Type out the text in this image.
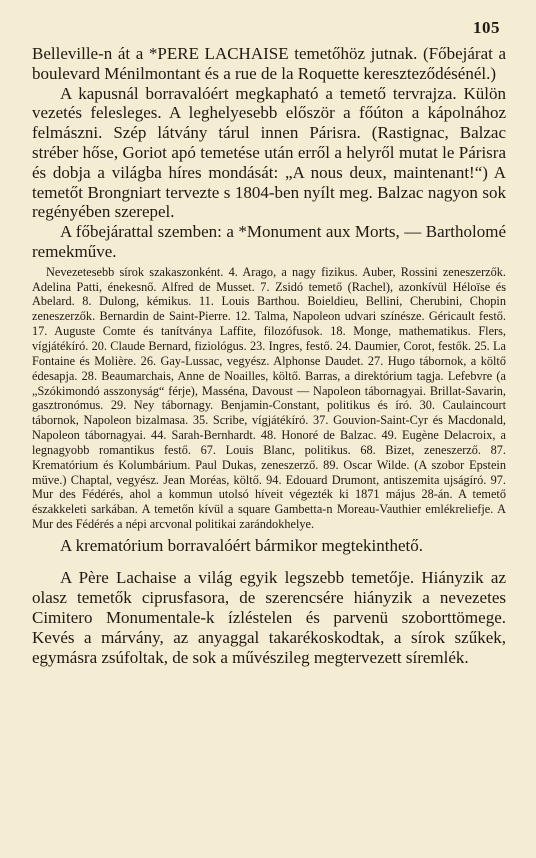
105

Belleville-n át a *PERE LACHAISE temetőhöz jutnak. (Főbejárat a boulevard Ménilmontant és a rue de la Roquette kereszteződésénél.)

A kapusnál borravalóért megkapható a temető tervrajza. Külön vezetés felesleges. A leghelyesebb először a főúton a kápolnához felmászni. Szép látvány tárul innen Párisra. (Rastignac, Balzac stréber hőse, Goriot apó temetése után erről a helyről mutat le Párisra és dobja a világba híres mondását: „A nous deux, maintenant!“) A temetőt Brongniart tervezte s 1804-ben nyílt meg. Balzac nagyon sok regényében szerepel.

A főbejárattal szemben: a *Monument aux Morts, — Bartholomé remekműve.

Nevezetesebb sírok szakaszonként. 4. Arago, a nagy fizikus. Auber, Rossini zeneszerzők. Adelina Patti, énekesnő. Alfred de Musset. 7. Zsidó temető (Rachel), azonkívül Héloïse és Abelard. 8. Dulong, kémikus. 11. Louis Barthou. Boieldieu, Bellini, Cherubini, Chopin zeneszerzők. Bernardin de Saint-Pierre. 12. Talma, Napoleon udvari színésze. Géricault festő. 17. Auguste Comte és tanítványa Laffite, filozófusok. 18. Monge, mathematikus. Flers, vígjátékíró. 20. Claude Bernard, fiziológus. 23. Ingres, festő. 24. Daumier, Corot, festők. 25. La Fontaine és Molière. 26. Gay-Lussac, vegyész. Alphonse Daudet. 27. Hugo tábornok, a költő édesapja. 28. Beaumarchais, Anne de Noailles, költő. Barras, a direktórium tagja. Lefebvre (a „Szókimondó asszonyság“ férje), Masséna, Davoust — Napoleon tábornagyai. Brillat-Savarin, gasztronómus. 29. Ney tábornagy. Benjamin-Constant, politikus és író. 30. Caulaincourt tábornok, Napoleon bizalmasa. 35. Scribe, vígjátékíró. 37. Gouvion-Saint-Cyr és Macdonald, Napoleon tábornagyai. 44. Sarah-Bernhardt. 48. Honoré de Balzac. 49. Eugène Delacroix, a legnagyobb romantikus festő. 67. Louis Blanc, politikus. 68. Bizet, zeneszerző. 87. Krematórium és Kolumbárium. Paul Dukas, zeneszerző. 89. Oscar Wilde. (A szobor Epstein müve.) Chaptal, vegyész. Jean Moréas, költő. 94. Edouard Drumont, antiszemita ujságíró. 97. Mur des Fédérés, ahol a kommun utolsó híveit végezték ki 1871 május 28-án. A temető északkeleti sarkában. A temetőn kívül a square Gambetta-n Moreau-Vauthier emlékreliefje. A Mur des Fédérés a népi arcvonal politikai zarándokhelye.

A krematórium borravalóért bármikor megtekinthető.

A Père Lachaise a világ egyik legszebb temetője. Hiányzik az olasz temetők ciprusfasora, de szerencsére hiányzik a nevezetes Cimitero Monumentale-k ízléstelen és parvenü szoborttömege. Kevés a márvány, az anyaggal takarékoskodtak, a sírok szűkek, egymásra zsúfoltak, de sok a művészileg megtervezett síremlék.
